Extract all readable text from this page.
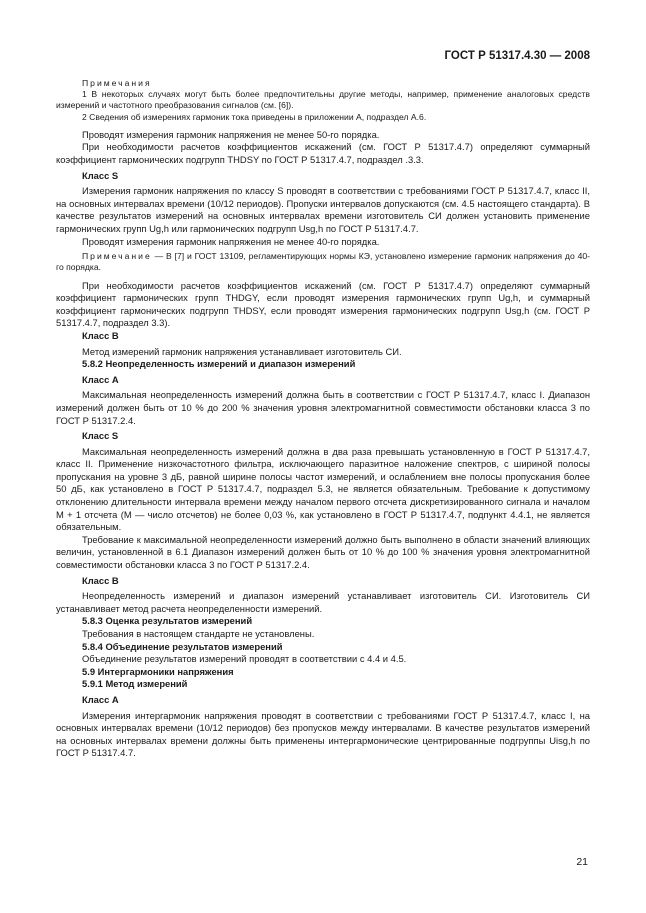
ГОСТ Р 51317.4.30 — 2008

Примечания

1 В некоторых случаях могут быть более предпочтительны другие методы, например, применение аналоговых средств измерений и частотного преобразования сигналов (см. [6]).

2 Сведения об измерениях гармоник тока приведены в приложении А, подраздел А.6.

Проводят измерения гармоник напряжения не менее 50-го порядка.

При необходимости расчетов коэффициентов искажений (см. ГОСТ Р 51317.4.7) определяют суммарный коэффициент гармонических подгрупп THDSY по ГОСТ Р 51317.4.7, подраздел .3.3.

Класс S

Измерения гармоник напряжения по классу S проводят в соответствии с требованиями ГОСТ Р 51317.4.7, класс II, на основных интервалах времени (10/12 периодов). Пропуски интервалов допускаются (см. 4.5 настоящего стандарта). В качестве результатов измерений на основных интервалах времени изготовитель СИ должен установить применение гармонических групп Ug,h или гармонических подгрупп Usg,h по ГОСТ Р 51317.4.7.

Проводят измерения гармоник напряжения не менее 40-го порядка.

Примечание — В [7] и ГОСТ 13109, регламентирующих нормы КЭ, установлено измерение гармоник напряжения до 40-го порядка.

При необходимости расчетов коэффициентов искажений (см. ГОСТ Р 51317.4.7) определяют суммарный коэффициент гармонических групп THDGY, если проводят измерения гармонических групп Ug,h, и суммарный коэффициент гармонических подгрупп THDSY, если проводят измерения гармонических подгрупп Usg,h (см. ГОСТ Р 51317.4.7, подраздел 3.3).

Класс В

Метод измерений гармоник напряжения устанавливает изготовитель СИ.

5.8.2 Неопределенность измерений и диапазон измерений

Класс А

Максимальная неопределенность измерений должна быть в соответствии с ГОСТ Р 51317.4.7, класс I. Диапазон измерений должен быть от 10 % до 200 % значения уровня электромагнитной совместимости обстановки класса 3 по ГОСТ Р 51317.2.4.

Класс S

Максимальная неопределенность измерений должна в два раза превышать установленную в ГОСТ Р 51317.4.7, класс II. Применение низкочастотного фильтра, исключающего паразитное наложение спектров, с шириной полосы пропускания на уровне 3 дБ, равной ширине полосы частот измерений, и ослаблением вне полосы пропускания более 50 дБ, как установлено в ГОСТ Р 51317.4.7, подраздел 5.3, не является обязательным. Требование к допустимому отклонению длительности интервала времени между началом первого отсчета дискретизированного сигнала и началом М + 1 отсчета (М — число отсчетов) не более 0,03 %, как установлено в ГОСТ Р 51317.4.7, подпункт 4.4.1, не является обязательным.

Требование к максимальной неопределенности измерений должно быть выполнено в области значений влияющих величин, установленной в 6.1 Диапазон измерений должен быть от 10 % до 100 % значения уровня электромагнитной совместимости обстановки класса 3 по ГОСТ Р 51317.2.4.

Класс В

Неопределенность измерений и диапазон измерений устанавливает изготовитель СИ. Изготовитель СИ устанавливает метод расчета неопределенности измерений.

5.8.3 Оценка результатов измерений

Требования в настоящем стандарте не установлены.

5.8.4 Объединение результатов измерений

Объединение результатов измерений проводят в соответствии с 4.4 и 4.5.

5.9 Интергармоники напряжения

5.9.1 Метод измерений

Класс А

Измерения интергармоник напряжения проводят в соответствии с требованиями ГОСТ Р 51317.4.7, класс I, на основных интервалах времени (10/12 периодов) без пропусков между интервалами. В качестве результатов измерений на основных интервалах времени должны быть применены интергармонические центрированные подгруппы Uisg,h по ГОСТ Р 51317.4.7.

21
